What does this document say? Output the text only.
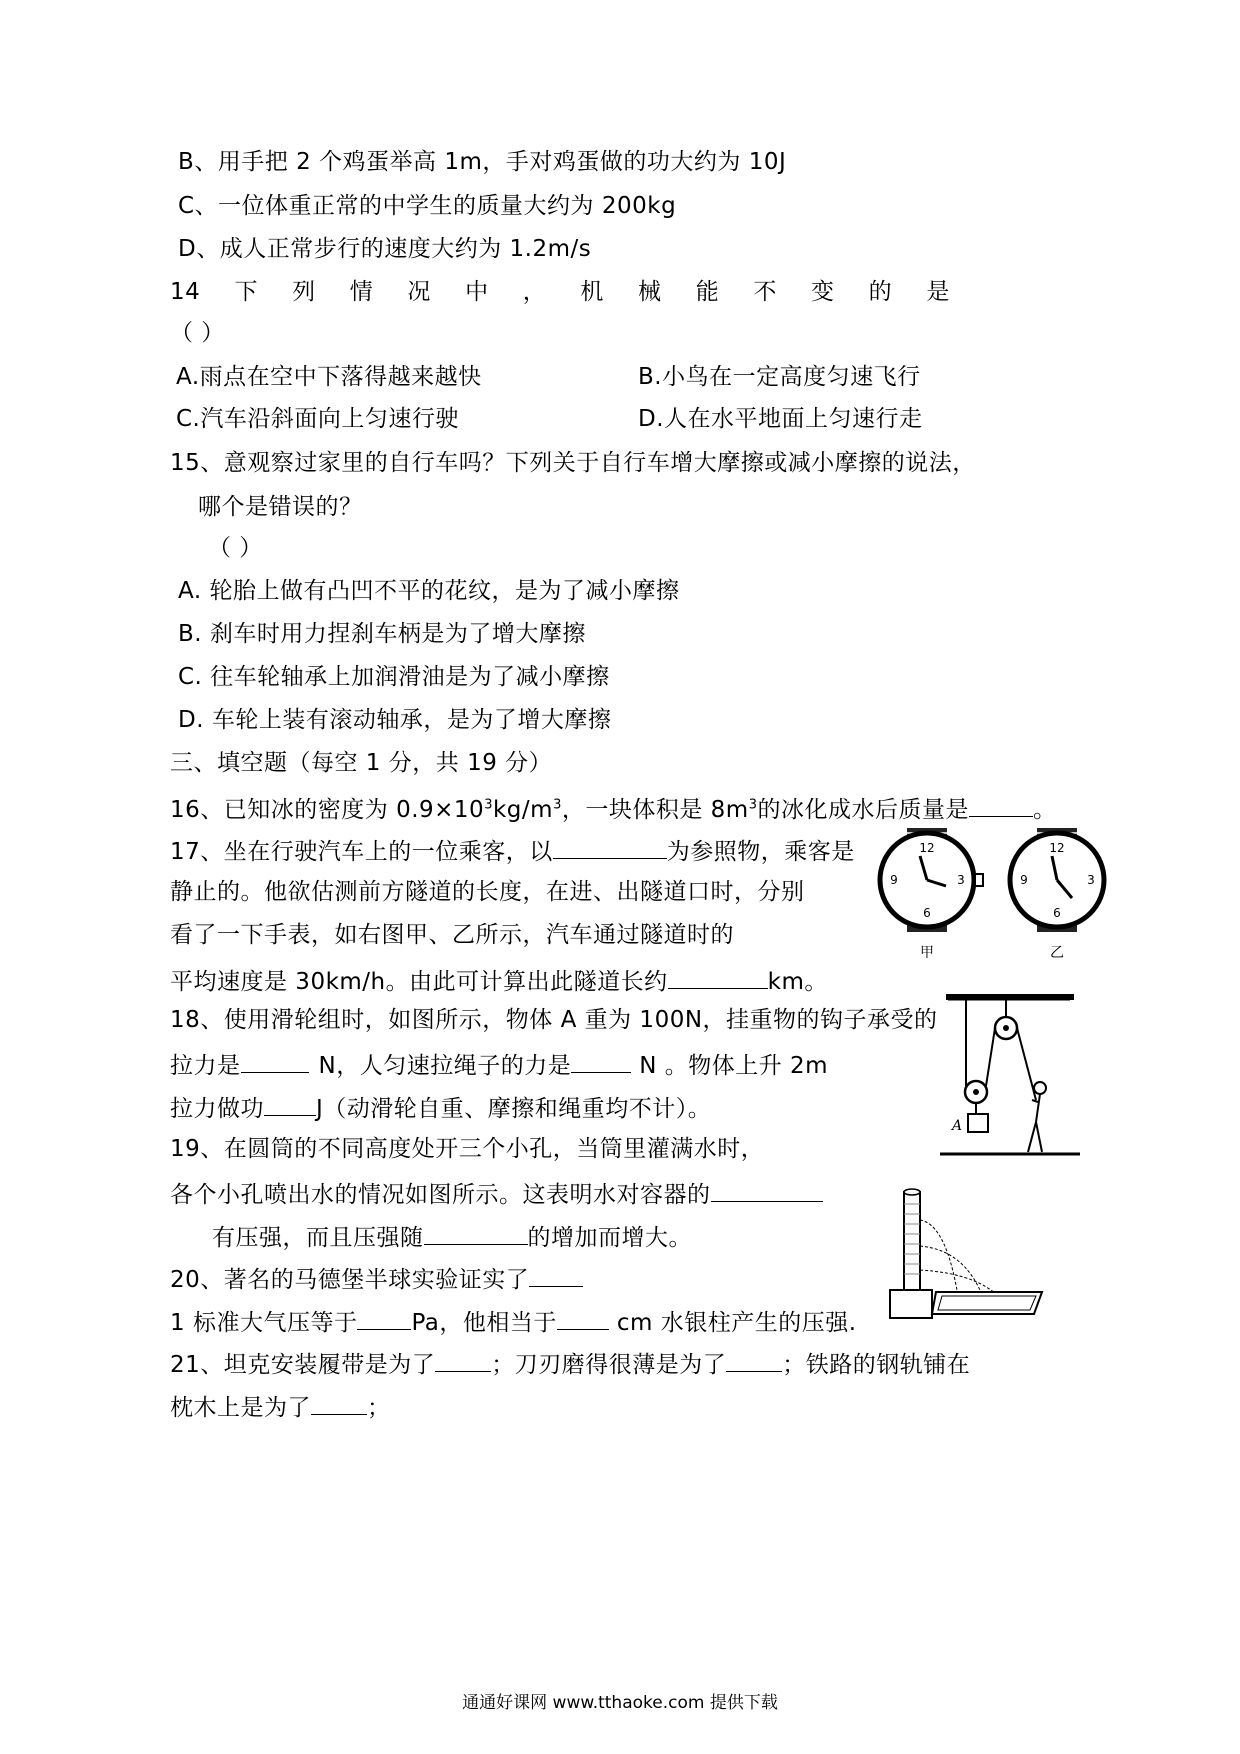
B、用手把 2 个鸡蛋举高 1m，手对鸡蛋做的功大约为 10J
C、一位体重正常的中学生的质量大约为 200kg
D、成人正常步行的速度大约为 1.2m/s
14 下 列 情 况 中 ， 机 械 能 不 变 的 是
（ ）
A.雨点在空中下落得越来越快	B.小鸟在一定高度匀速飞行
C.汽车沿斜面向上匀速行驶	D.人在水平地面上匀速行走
15、意观察过家里的自行车吗？下列关于自行车增大摩擦或减小摩擦的说法，
哪个是错误的？
（ ）
A. 轮胎上做有凸凹不平的花纹，是为了减小摩擦
B. 刹车时用力捏刹车柄是为了增大摩擦
C. 往车轮轴承上加润滑油是为了减小摩擦
D. 车轮上装有滚动轴承，是为了增大摩擦
三、填空题（每空 1 分，共 19 分）
16、已知冰的密度为 $0.9\times 10^3kg/m^3$，一块体积是 $8m^3$的冰化成水后质量是	。
17、坐在行驶汽车上的一位乘客，以	为参照物，乘客是
静止的。他欲估测前方隧道的长度，在进、出隧道口时，分别
看了一下手表，如右图甲、乙所示，汽车通过隧道时的
平均速度是 30km/h。由此可计算出此隧道长约	km。
12
3
6
9
甲
12
3
6
9
乙
18、使用滑轮组时，如图所示，物体 A 重为 100N，挂重物的钩子承受的
拉力是	N，人匀速拉绳子的力是	N 。物体上升 2m
拉力做功 J（动滑轮自重、摩擦和绳重均不计）。
A
19、在圆筒的不同高度处开三个小孔，当筒里灌满水时，
各个小孔喷出水的情况如图所示。这表明水对容器的
有压强，而且压强随	的增加而增大。
20、著名的马德堡半球实验证实了
1 标准大气压等于 Pa，他相当于	cm 水银柱产生的压强.
21、坦克安装履带是为了 ；刀刃磨得很薄是为了 ；铁路的钢轨铺在
枕木上是为了 ；
通通好课网 www.tthaoke.com 提供下载
